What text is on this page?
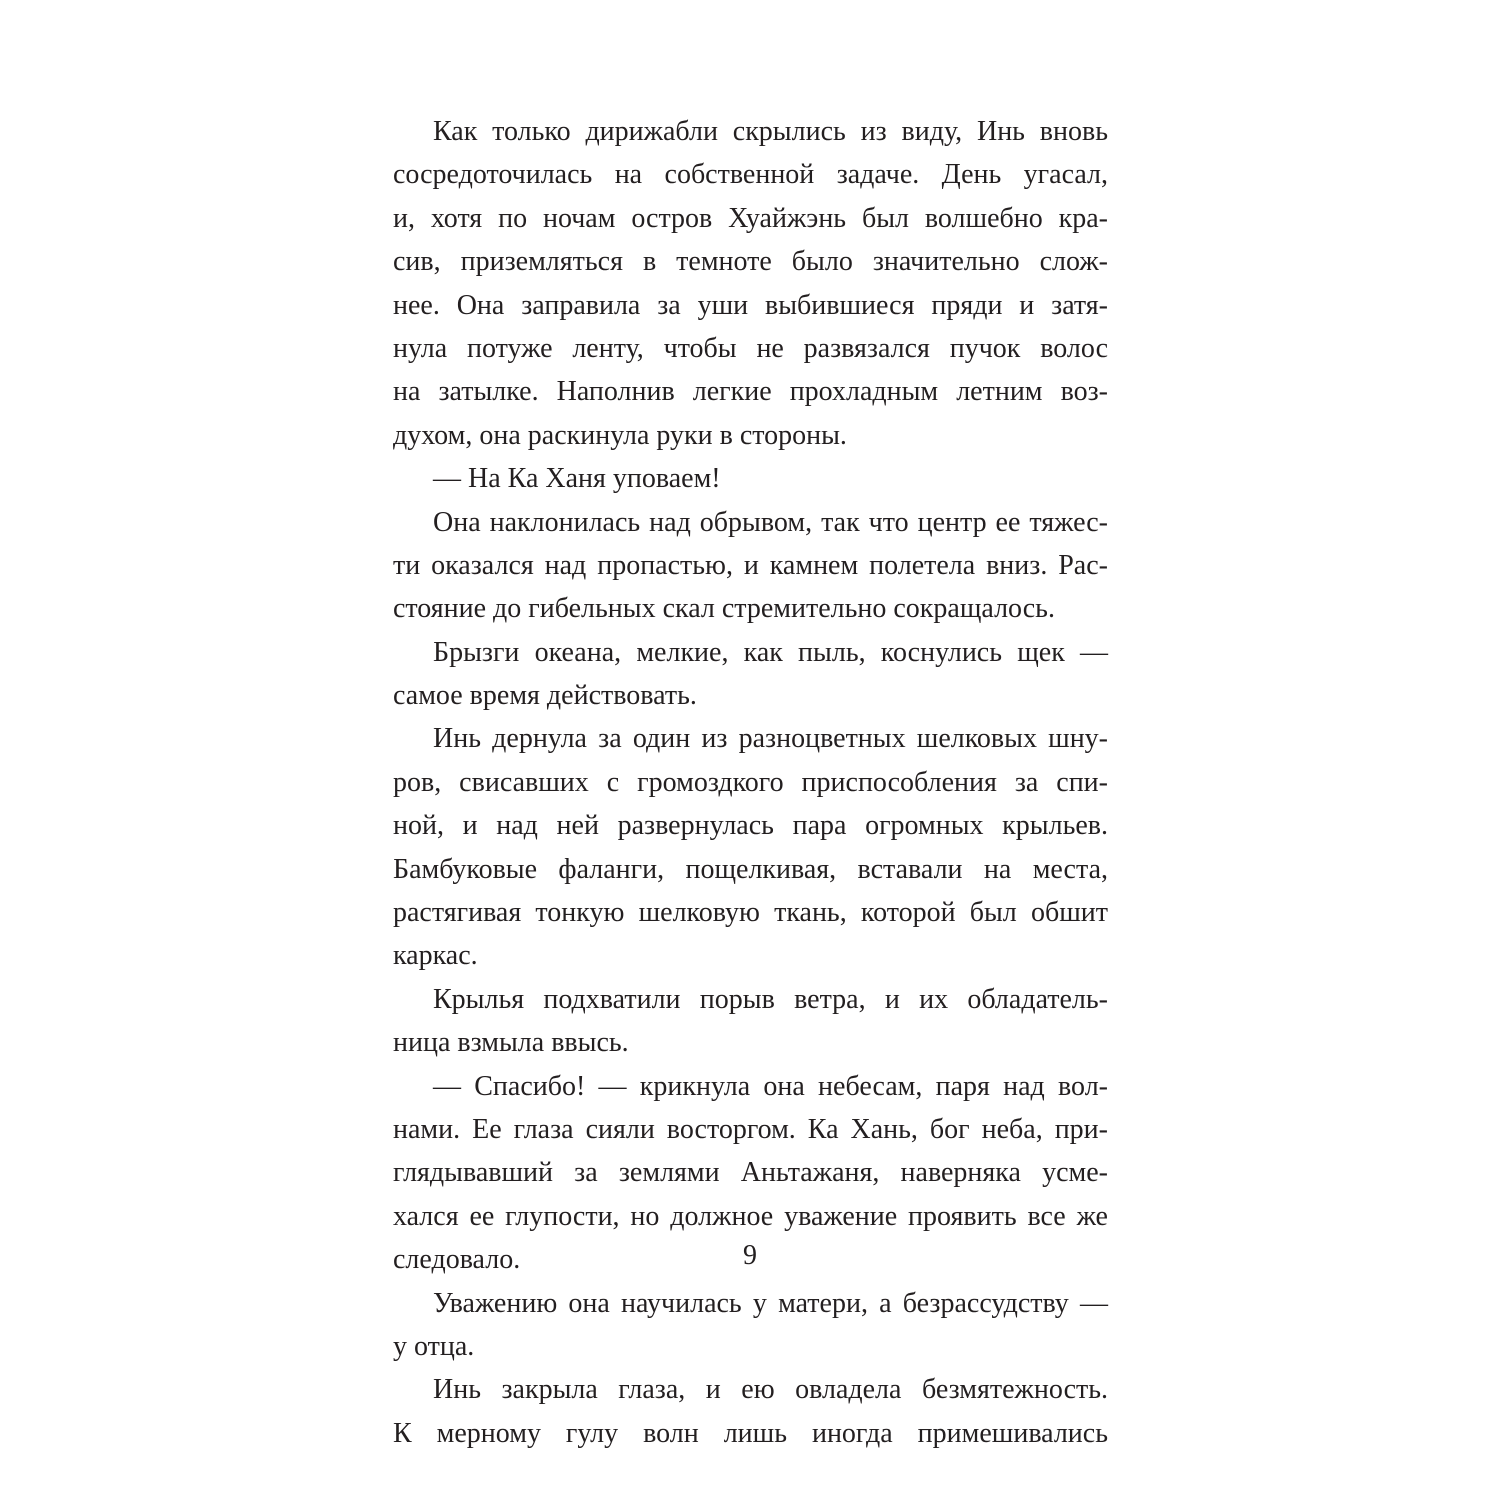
Как только дирижабли скрылись из виду, Инь вновь
сосредоточилась на собственной задаче. День угасал,
и, хотя по ночам остров Хуайжэнь был волшебно кра-
сив, приземляться в темноте было значительно слож-
нее. Она заправила за уши выбившиеся пряди и затя-
нула потуже ленту, чтобы не развязался пучок волос
на затылке. Наполнив легкие прохладным летним воз-
духом, она раскинула руки в стороны.
— На Ка Ханя уповаем!
Она наклонилась над обрывом, так что центр ее тяжес-
ти оказался над пропастью, и камнем полетела вниз. Рас-
стояние до гибельных скал стремительно сокращалось.
Брызги океана, мелкие, как пыль, коснулись щек —
самое время действовать.
Инь дернула за один из разноцветных шелковых шну-
ров, свисавших с громоздкого приспособления за спи-
ной, и над ней развернулась пара огромных крыльев.
Бамбуковые фаланги, пощелкивая, вставали на места,
растягивая тонкую шелковую ткань, которой был обшит
каркас.
Крылья подхватили порыв ветра, и их обладатель-
ница взмыла ввысь.
— Спасибо! — крикнула она небесам, паря над вол-
нами. Ее глаза сияли восторгом. Ка Хань, бог неба, при-
глядывавший за землями Аньтажаня, наверняка усме-
хался ее глупости, но должное уважение проявить все же
следовало.
Уважению она научилась у матери, а безрассудству —
у отца.
Инь закрыла глаза, и ею овладела безмятежность.
К мерному гулу волн лишь иногда примешивались
9
